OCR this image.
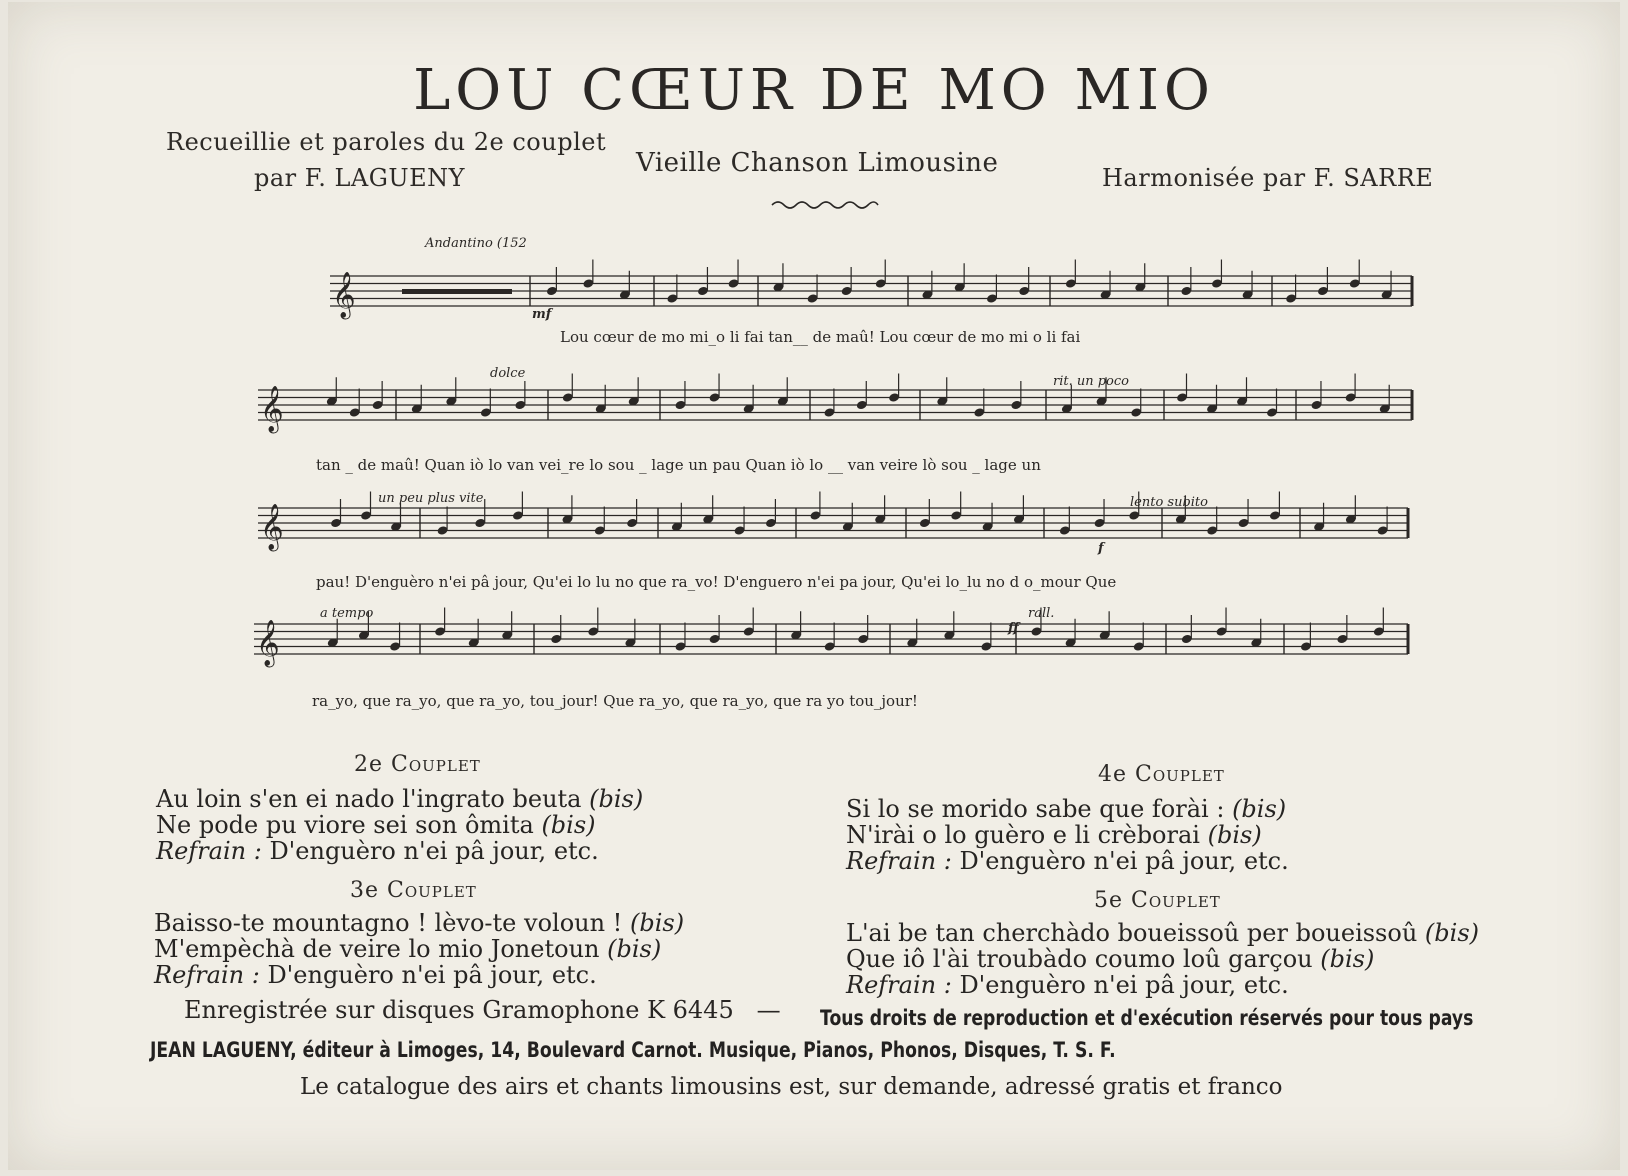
LOU CŒUR DE MO MIO
Recueillie et paroles du 2e couplet
par F. LAGUENY	Vieille Chanson Limousine	Harmonisée par F. SARRE
𝄞
𝄞
𝄞
𝄞
Andantino (152
dolce
rit. un poco
un peu plus vite	lento subito
a tempo	rall.
mf
f
ff
Lou cœur de mo mi_o li fai tan__ de maû! Lou cœur de mo mi o li fai
tan _ de maû! Quan iò lo van vei_re lo sou _ lage un pau Quan iò lo __ van veire lò sou _ lage un
pau! D'enguèro n'ei pâ jour, Qu'ei lo lu no que ra_vo! D'enguero n'ei pa jour, Qu'ei lo_lu no d o_mour Que
ra_yo, que ra_yo, que ra_yo, tou_jour! Que ra_yo, que ra_yo, que ra yo tou_jour!
2e Couplet
Au loin s'en ei nado l'ingrato beuta (bis)
Ne pode pu viore sei son ômita (bis)
Refrain : D'enguèro n'ei pâ jour, etc.
3e Couplet
Baisso-te mountagno ! lèvo-te voloun ! (bis)
M'empèchà de veire lo mio Jonetoun (bis)
Refrain : D'enguèro n'ei pâ jour, etc.
4e Couplet
Si lo se morido sabe que forài : (bis)
N'irài o lo guèro e li crèborai (bis)
Refrain : D'enguèro n'ei pâ jour, etc.
5e Couplet
L'ai be tan cherchàdo boueissoû per boueissoû (bis)
Que iô l'ài troubàdo coumo loû garçou (bis)
Refrain : D'enguèro n'ei pâ jour, etc.
Enregistrée sur disques Gramophone K 6445 — Tous droits de reproduction et d'exécution réservés pour tous pays
JEAN LAGUENY, éditeur à Limoges, 14, Boulevard Carnot. Musique, Pianos, Phonos, Disques, T. S. F.
Le catalogue des airs et chants limousins est, sur demande, adressé gratis et franco
